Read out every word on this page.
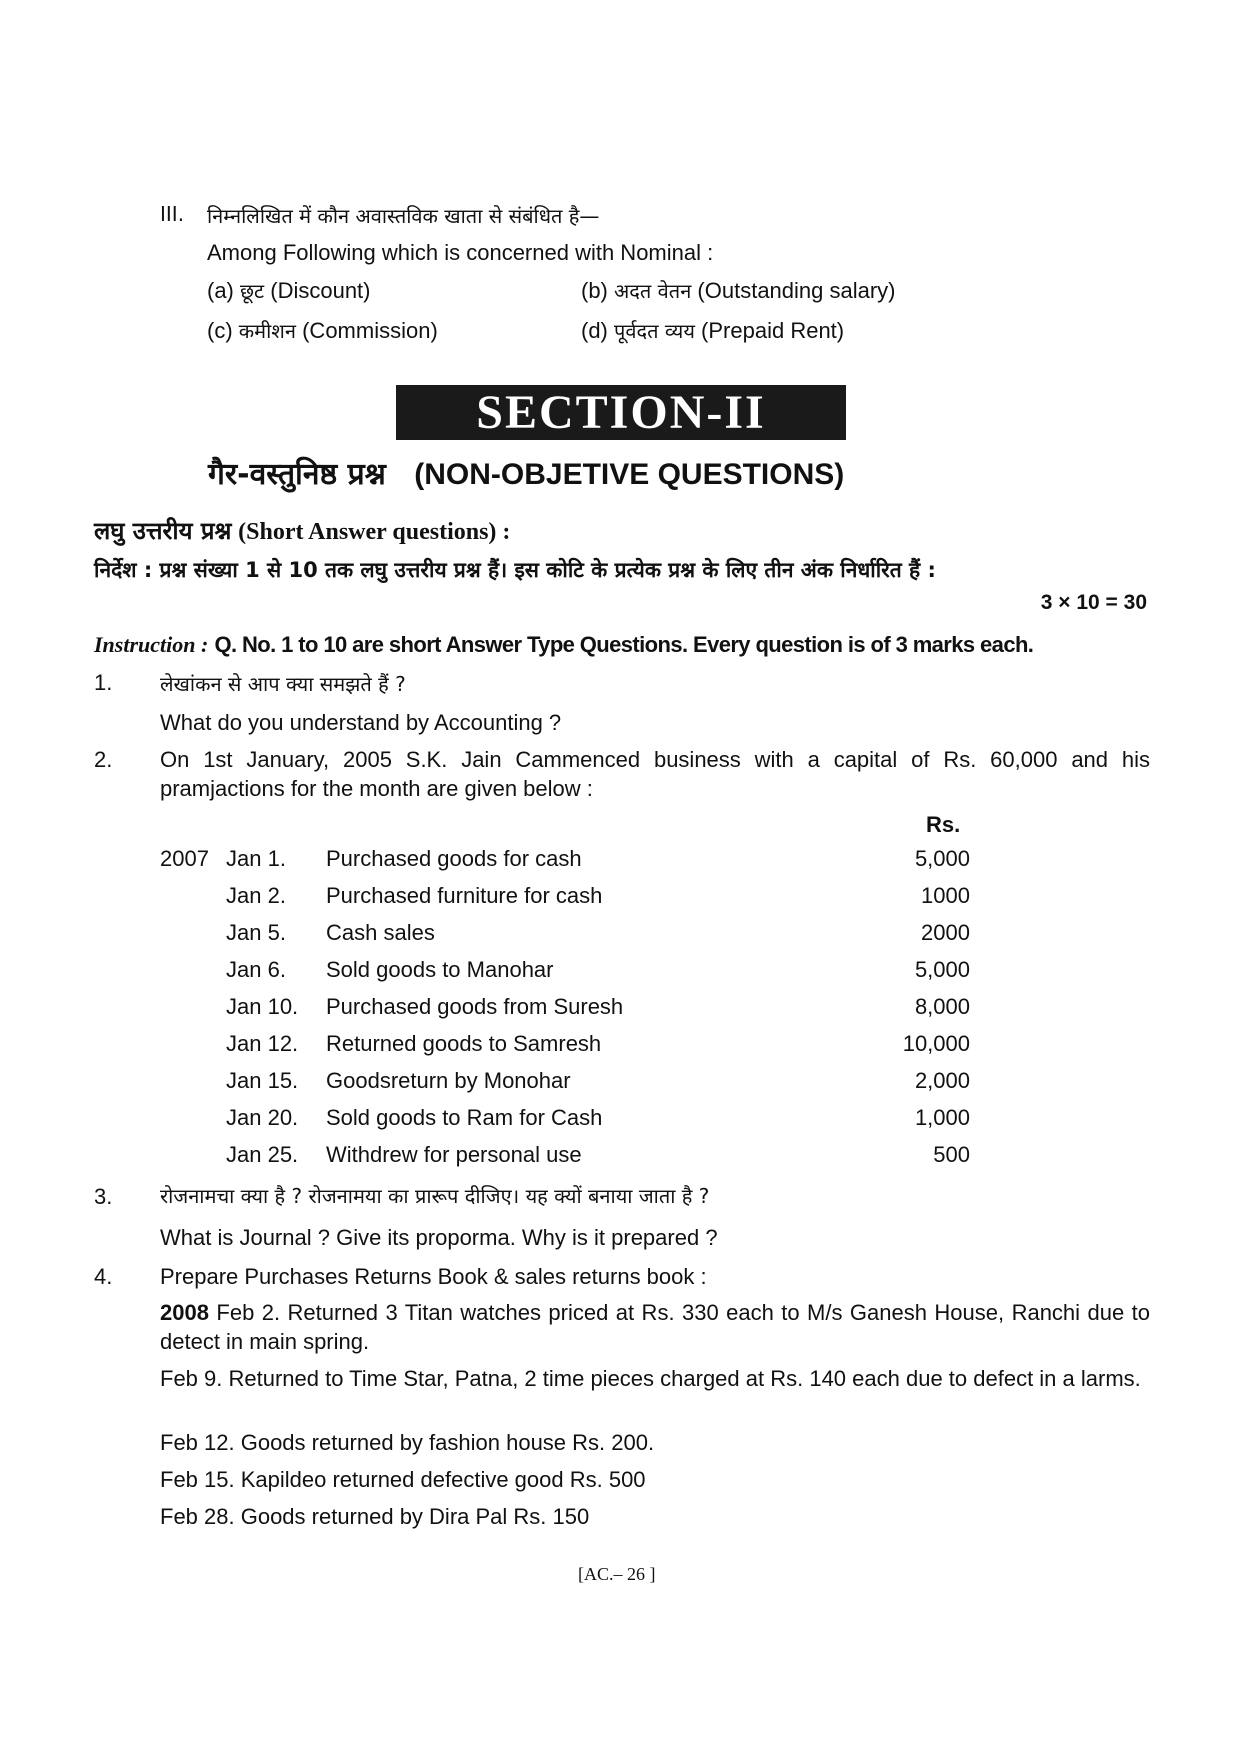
III. निम्नलिखित में कौन अवास्तविक खाता से संबंधित है—
Among Following which is concerned with Nominal :
(a) छूट (Discount)	(b) अदत वेतन (Outstanding salary)
(c) कमीशन (Commission)	(d) पूर्वदत व्यय (Prepaid Rent)
SECTION-II
गैर-वस्तुनिष्ठ प्रश्न (NON-OBJETIVE QUESTIONS)
लघु उत्तरीय प्रश्न (Short Answer questions) :
निर्देश : प्रश्न संख्या 1 से 10 तक लघु उत्तरीय प्रश्न हैं। इस कोटि के प्रत्येक प्रश्न के लिए तीन अंक निर्धारित हैं :
3 × 10 = 30
Instruction : Q. No. 1 to 10 are short Answer Type Questions. Every question is of 3 marks each.
1. लेखांकन से आप क्या समझते हैं ?
What do you understand by Accounting ?
2. On 1st January, 2005 S.K. Jain Cammenced business with a capital of Rs. 60,000 and his pramjactions for the month are given below :
Rs.
2007 Jan 1. Purchased goods for cash	5,000
Jan 2. Purchased furniture for cash	1000
Jan 5. Cash sales	2000
Jan 6. Sold goods to Manohar	5,000
Jan 10. Purchased goods from Suresh	8,000
Jan 12. Returned goods to Samresh	10,000
Jan 15. Goodsreturn by Monohar	2,000
Jan 20. Sold goods to Ram for Cash	1,000
Jan 25. Withdrew for personal use	500
3. रोजनामचा क्या है ? रोजनामया का प्रारूप दीजिए। यह क्यों बनाया जाता है ?
What is Journal ? Give its proporma. Why is it prepared ?
4. Prepare Purchases Returns Book & sales returns book :
2008 Feb 2. Returned 3 Titan watches priced at Rs. 330 each to M/s Ganesh House, Ranchi due to detect in main spring.
Feb 9. Returned to Time Star, Patna, 2 time pieces charged at Rs. 140 each due to defect in a larms.
Feb 12. Goods returned by fashion house Rs. 200.
Feb 15. Kapildeo returned defective good Rs. 500
Feb 28. Goods returned by Dira Pal Rs. 150
[AC.– 26 ]
